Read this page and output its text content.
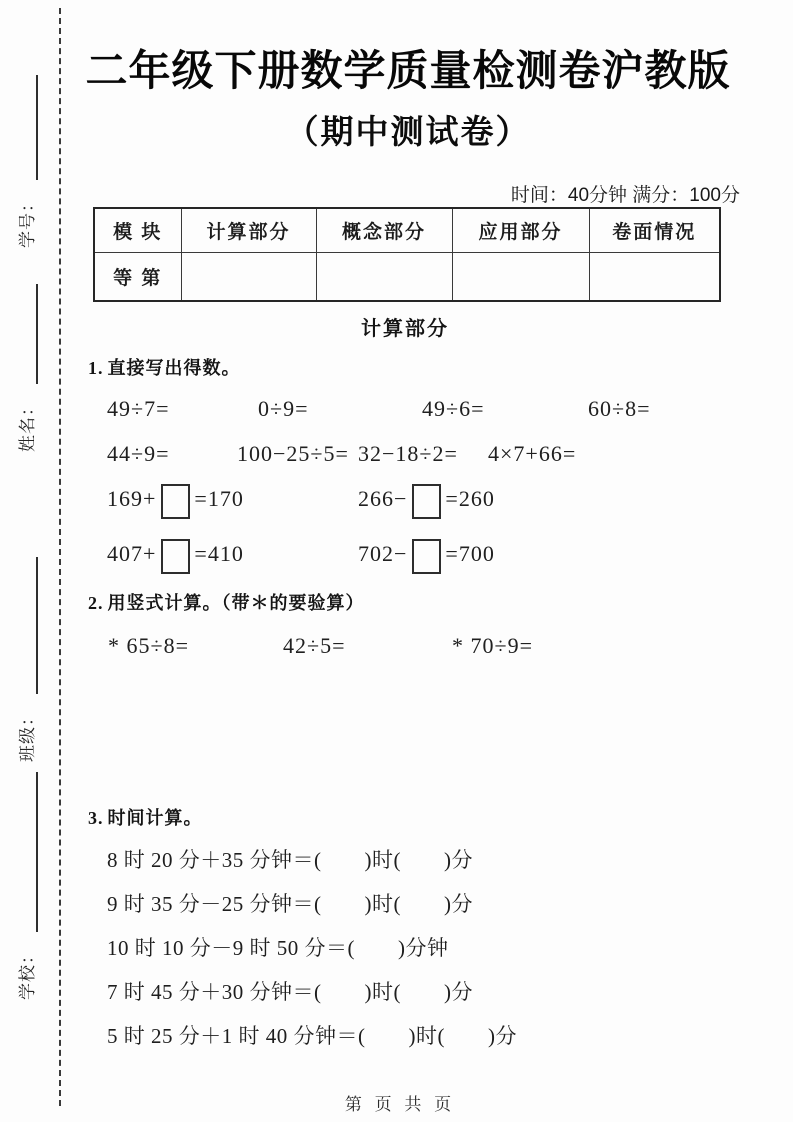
学号：
姓名：
班级：
学校：
二年级下册数学质量检测卷沪教版
（期中测试卷）
时间：40分钟 满分：100分
模 块	计算部分	概念部分	应用部分	卷面情况
等 第				
计算部分
1. 直接写出得数。
49÷7=	0÷9=	49÷6=	60÷8=
44÷9=	100−25÷5= 32−18÷2= 4×7+66=
169+ =170	266− =260
407+ =410	702− =700
2. 用竖式计算。（带＊的要验算）
* 65÷8=	42÷5=	* 70÷9=
3. 时间计算。
8 时 20 分＋35 分钟＝(　　)时(　　)分
9 时 35 分－25 分钟＝(　　)时(　　)分
10 时 10 分－9 时 50 分＝(　　)分钟
7 时 45 分＋30 分钟＝(　　)时(　　)分
5 时 25 分＋1 时 40 分钟＝(　　)时(　　)分
第 页 共 页
